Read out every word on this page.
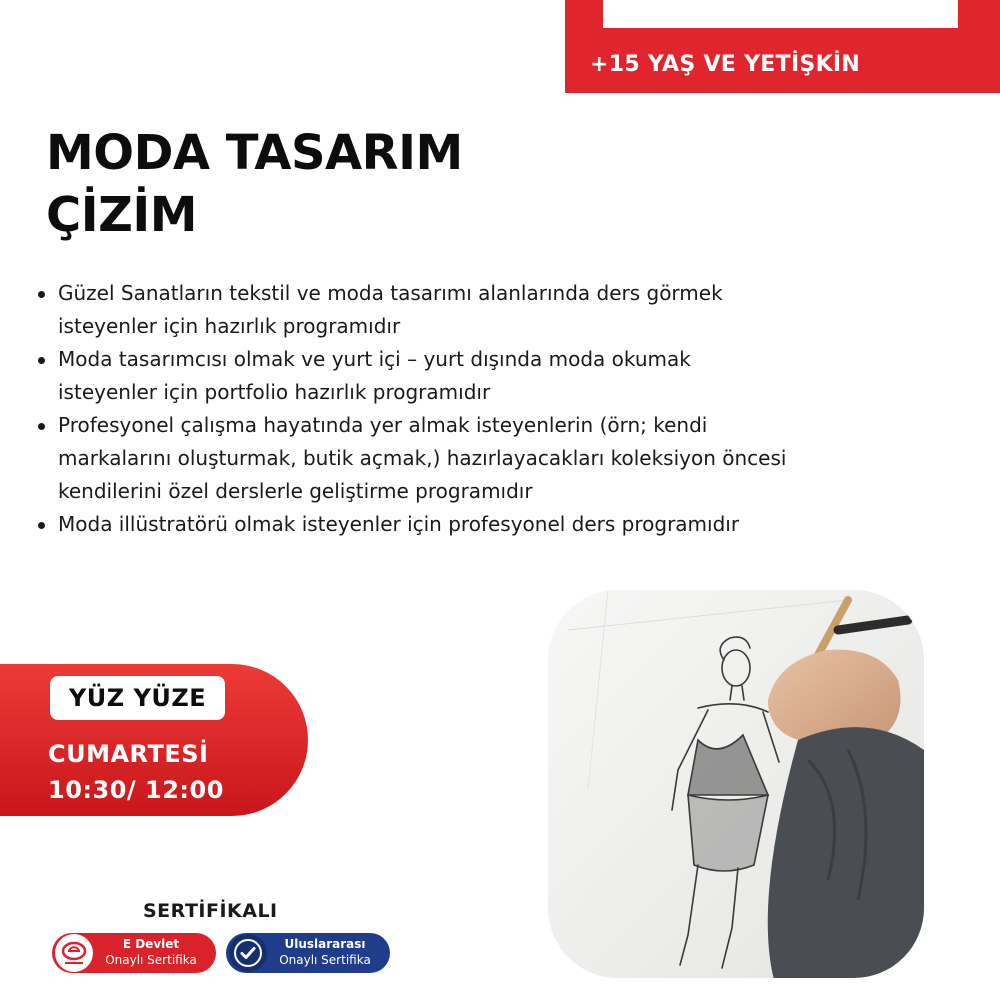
+15 YAŞ VE YETİŞKİN
MODA TASARIM
ÇİZİM
Güzel Sanatların tekstil ve moda tasarımı alanlarında ders görmek isteyenler için hazırlık programıdır
Moda tasarımcısı olmak ve yurt içi – yurt dışında moda okumak isteyenler için portfolio hazırlık programıdır
Profesyonel çalışma hayatında yer almak isteyenlerin (örn; kendi markalarını oluşturmak, butik açmak,) hazırlayacakları koleksiyon öncesi kendilerini özel derslerle geliştirme programıdır
Moda illüstratörü olmak isteyenler için profesyonel ders programıdır
YÜZ YÜZE
CUMARTESİ
10:30/ 12:00
SERTİFİKALI
E Devlet
Onaylı Sertifika
Uluslararası
Onaylı Sertifika
